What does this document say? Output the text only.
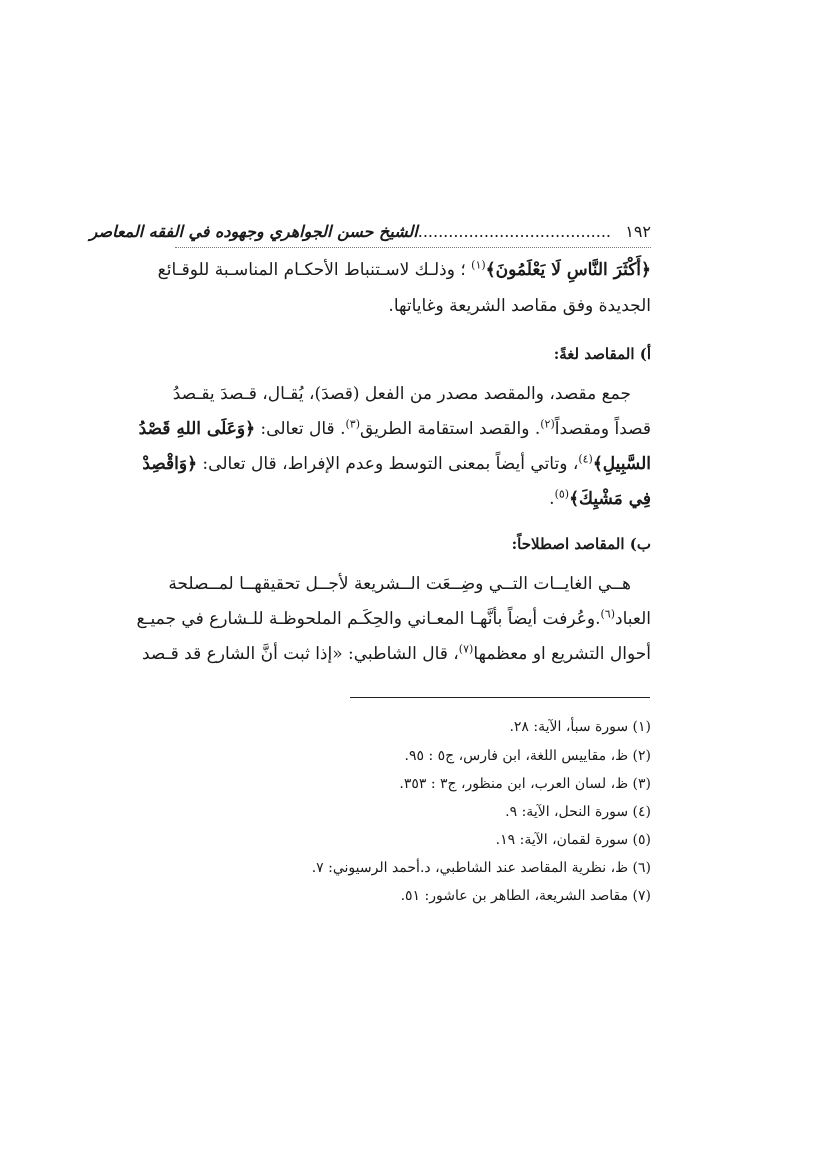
١٩٢
......................................الشيخ حسن الجواهري وجهوده في الفقه المعاصر
﴿أَكْثَرَ النَّاسِ لَا يَعْلَمُونَ﴾$^{(١)}$ ؛ وذلـك لاسـتنباط الأحكـام المناسـبة للوقـائع
الجديدة وفق مقاصد الشريعة وغاياتها.
أ) المقاصد لغةً:
جمع مقصد، والمقصد مصدر من الفعل (قصدَ)، يُقـال، قـصدَ يقـصدُ
قصداً ومقصداً$^{(٢)}$. والقصد استقامة الطريق$^{(٣)}$. قال تعالى: ﴿وَعَلَى اللهِ قَصْدُ
السَّبِيلِ﴾$^{(٤)}$، وتاتي أيضاً بمعنى التوسط وعدم الإفراط، قال تعالى: ﴿وَاقْصِدْ
فِي مَشْيِكَ﴾$^{(٥)}$.
ب) المقاصد اصطلاحاً:
هــي الغايــات التــي وضِــعَت الــشريعة لأجــل تحقيقهــا لمــصلحة
العباد$^{(٦)}$.وعُرفت أيضاً بأنَّهـا المعـاني والحِكَـم الملحوظـة للـشارع في جميـع
أحوال التشريع او معظمها$^{(٧)}$، قال الشاطبي: «إذا ثبت أنَّ الشارع قد قـصد
(١) سورة سبأ، الآية: ٢٨.
(٢) ظ، مقاييس اللغة، ابن فارس، ج٥ : ٩٥.
(٣) ظ، لسان العرب، ابن منظور، ج٣ : ٣٥٣.
(٤) سورة النحل، الآية: ٩.
(٥) سورة لقمان، الآية: ١٩.
(٦) ظ، نظرية المقاصد عند الشاطبي، د.أحمد الرسيوني: ٧.
(٧) مقاصد الشريعة، الطاهر بن عاشور: ٥١.
